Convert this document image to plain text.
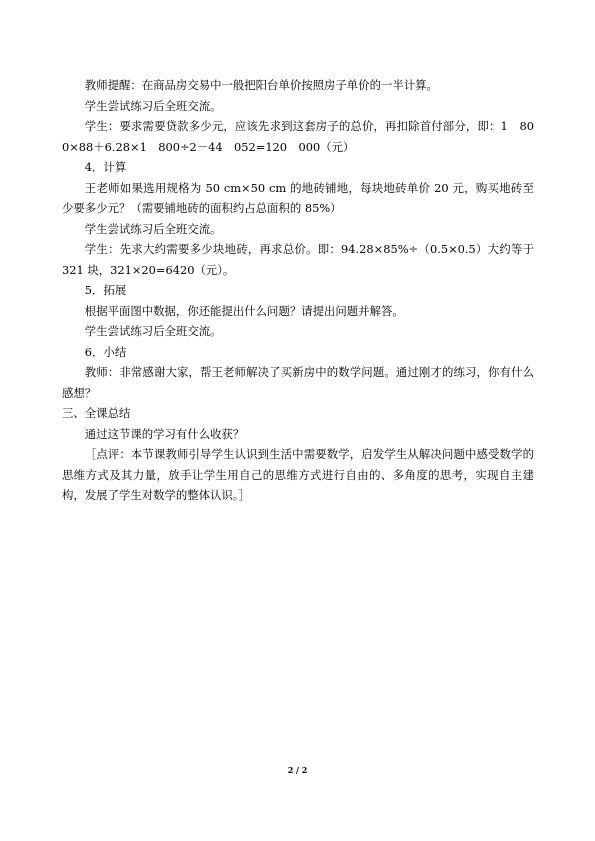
教师提醒：在商品房交易中一般把阳台单价按照房子单价的一半计算。

学生尝试练习后全班交流。

学生：要求需要贷款多少元，应该先求到这套房子的总价，再扣除首付部分，即：1　800×88＋6.28×1　800÷2－44　052=120　000（元）

4．计算

王老师如果选用规格为 50 cm×50 cm 的地砖铺地，每块地砖单价 20 元，购买地砖至少要多少元？（需要铺地砖的面积约占总面积的 85%）

学生尝试练习后全班交流。

学生：先求大约需要多少块地砖，再求总价。即：94.28×85%÷（0.5×0.5）大约等于 321 块，321×20=6420（元）。

5．拓展

根据平面图中数据，你还能提出什么问题？请提出问题并解答。

学生尝试练习后全班交流。

6．小结

教师：非常感谢大家，帮王老师解决了买新房中的数学问题。通过刚才的练习，你有什么感想？

三、全课总结

通过这节课的学习有什么收获？

［点评：本节课教师引导学生认识到生活中需要数学，启发学生从解决问题中感受数学的思维方式及其力量，放手让学生用自己的思维方式进行自由的、多角度的思考，实现自主建构，发展了学生对数学的整体认识。］

2 / 2
